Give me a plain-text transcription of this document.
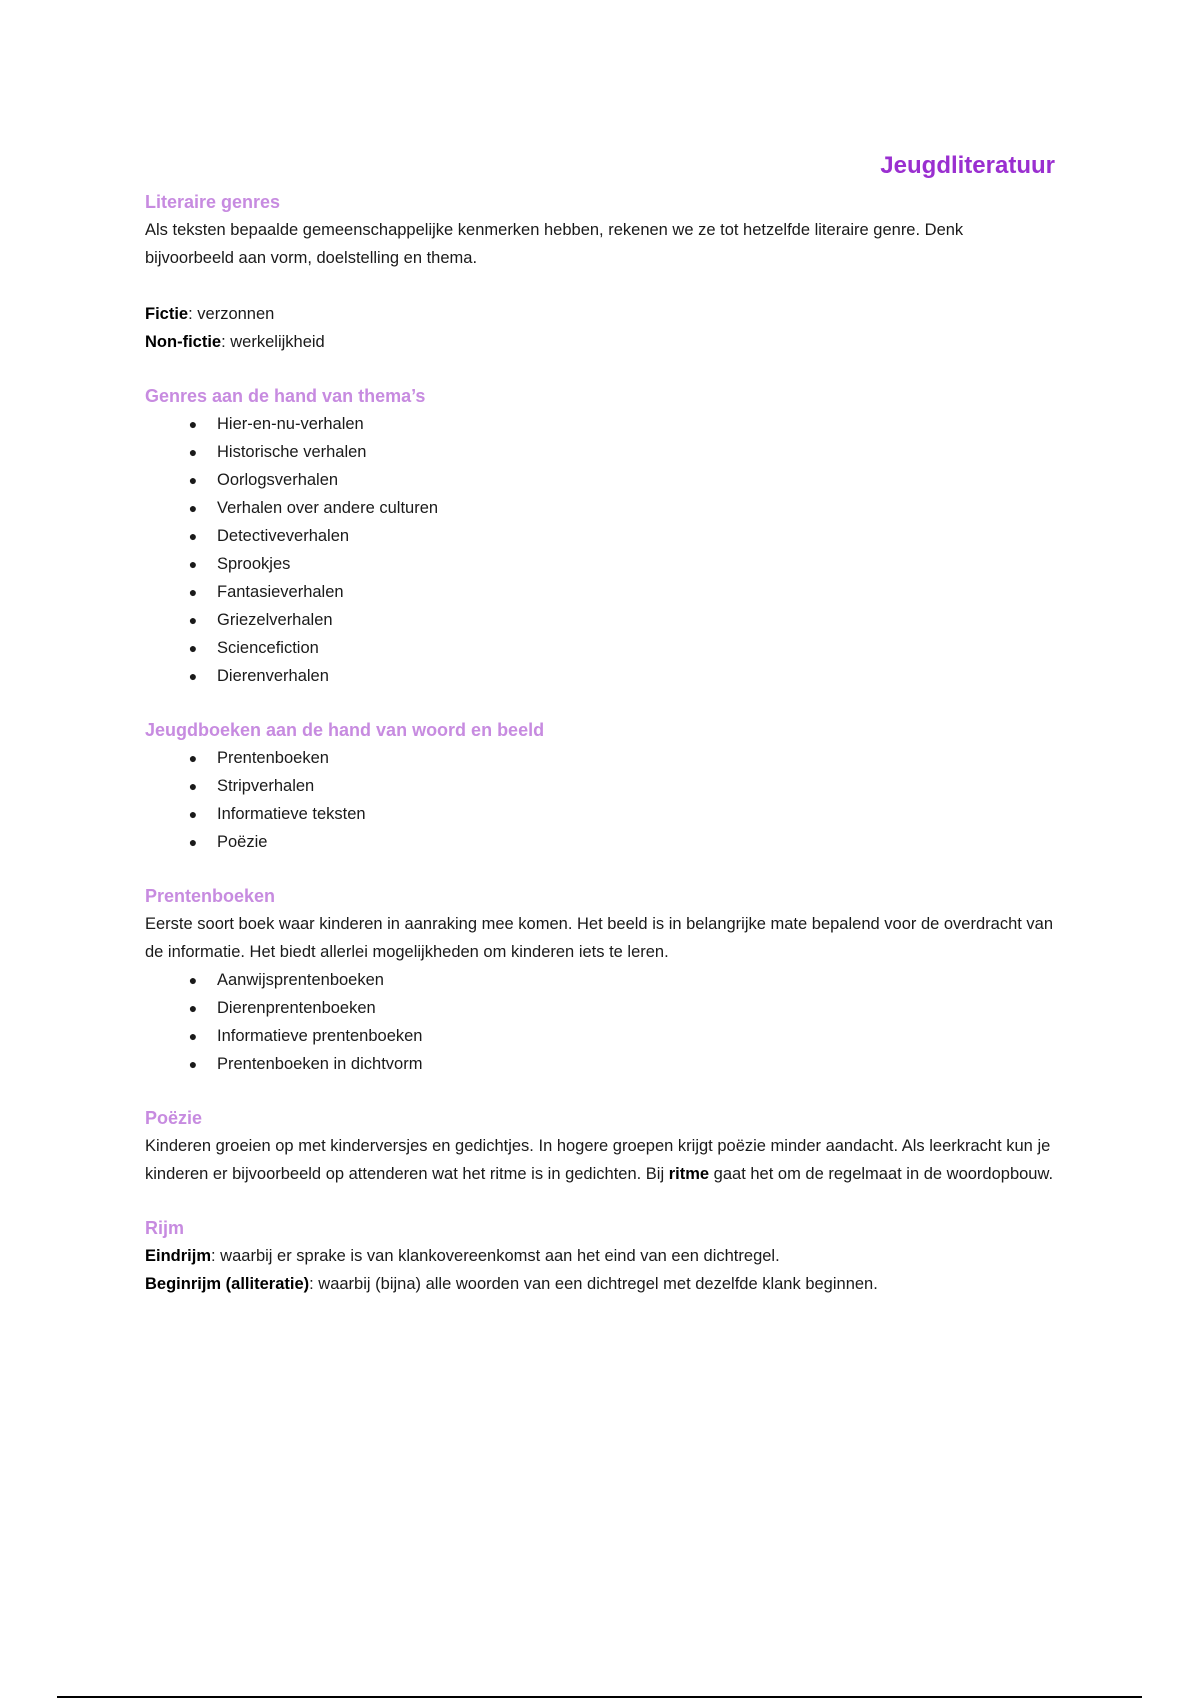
Jeugdliteratuur
Literaire genres

Als teksten bepaalde gemeenschappelijke kenmerken hebben, rekenen we ze tot hetzelfde literaire genre. Denk bijvoorbeeld aan vorm, doelstelling en thema.

Fictie: verzonnen

Non-fictie: werkelijkheid

Genres aan de hand van thema’s
●	Hier-en-nu-verhalen
●	Historische verhalen
●	Oorlogsverhalen
●	Verhalen over andere culturen
●	Detectiveverhalen
●	Sprookjes
●	Fantasieverhalen
●	Griezelverhalen
●	Sciencefiction
●	Dierenverhalen
Jeugdboeken aan de hand van woord en beeld
●	Prentenboeken
●	Stripverhalen
●	Informatieve teksten
●	Poëzie
Prentenboeken

Eerste soort boek waar kinderen in aanraking mee komen. Het beeld is in belangrijke mate bepalend voor de overdracht van de informatie. Het biedt allerlei mogelijkheden om kinderen iets te leren.

●	Aanwijsprentenboeken
●	Dierenprentenboeken
●	Informatieve prentenboeken
●	Prentenboeken in dichtvorm
Poëzie

Kinderen groeien op met kinderversjes en gedichtjes. In hogere groepen krijgt poëzie minder aandacht. Als leerkracht kun je kinderen er bijvoorbeeld op attenderen wat het ritme is in gedichten. Bij ritme gaat het om de regelmaat in de woordopbouw.

Rijm

Eindrijm: waarbij er sprake is van klankovereenkomst aan het eind van een dichtregel.

Beginrijm (alliteratie): waarbij (bijna) alle woorden van een dichtregel met dezelfde klank beginnen.
